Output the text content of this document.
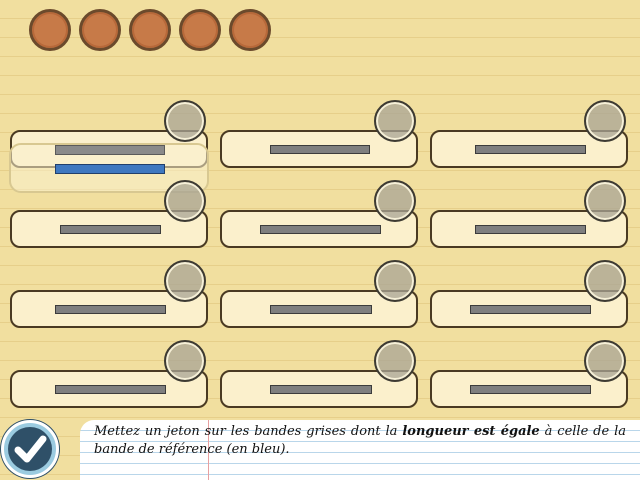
Mettez un jeton sur les bandes grises dont la longueur est égale à celle de la bande de référence (en bleu).
